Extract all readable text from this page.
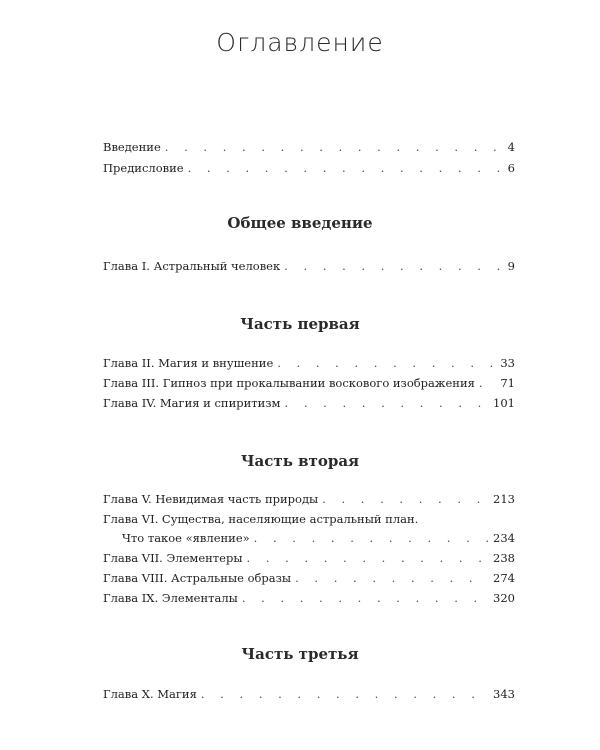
Оглавление
Введение . . .	4
Предисловие . . .	6
Общее введение
Глава I. Астральный человек . . .	9
Часть первая
Глава II. Магия и внушение . . .	33
Глава III. Гипноз при прокалывании воскового изображения . . . 71
Глава IV. Магия и спиритизм . . .	101
Часть вторая
Глава V. Невидимая часть природы . . .	213
Глава VI. Существа, населяющие астральный план.
Что такое «явление» . . .	234
Глава VII. Элементеры . . .	238
Глава VIII. Астральные образы . . .	274
Глава IX. Элементалы . . .	320
Часть третья
Глава X. Магия . . .	343
